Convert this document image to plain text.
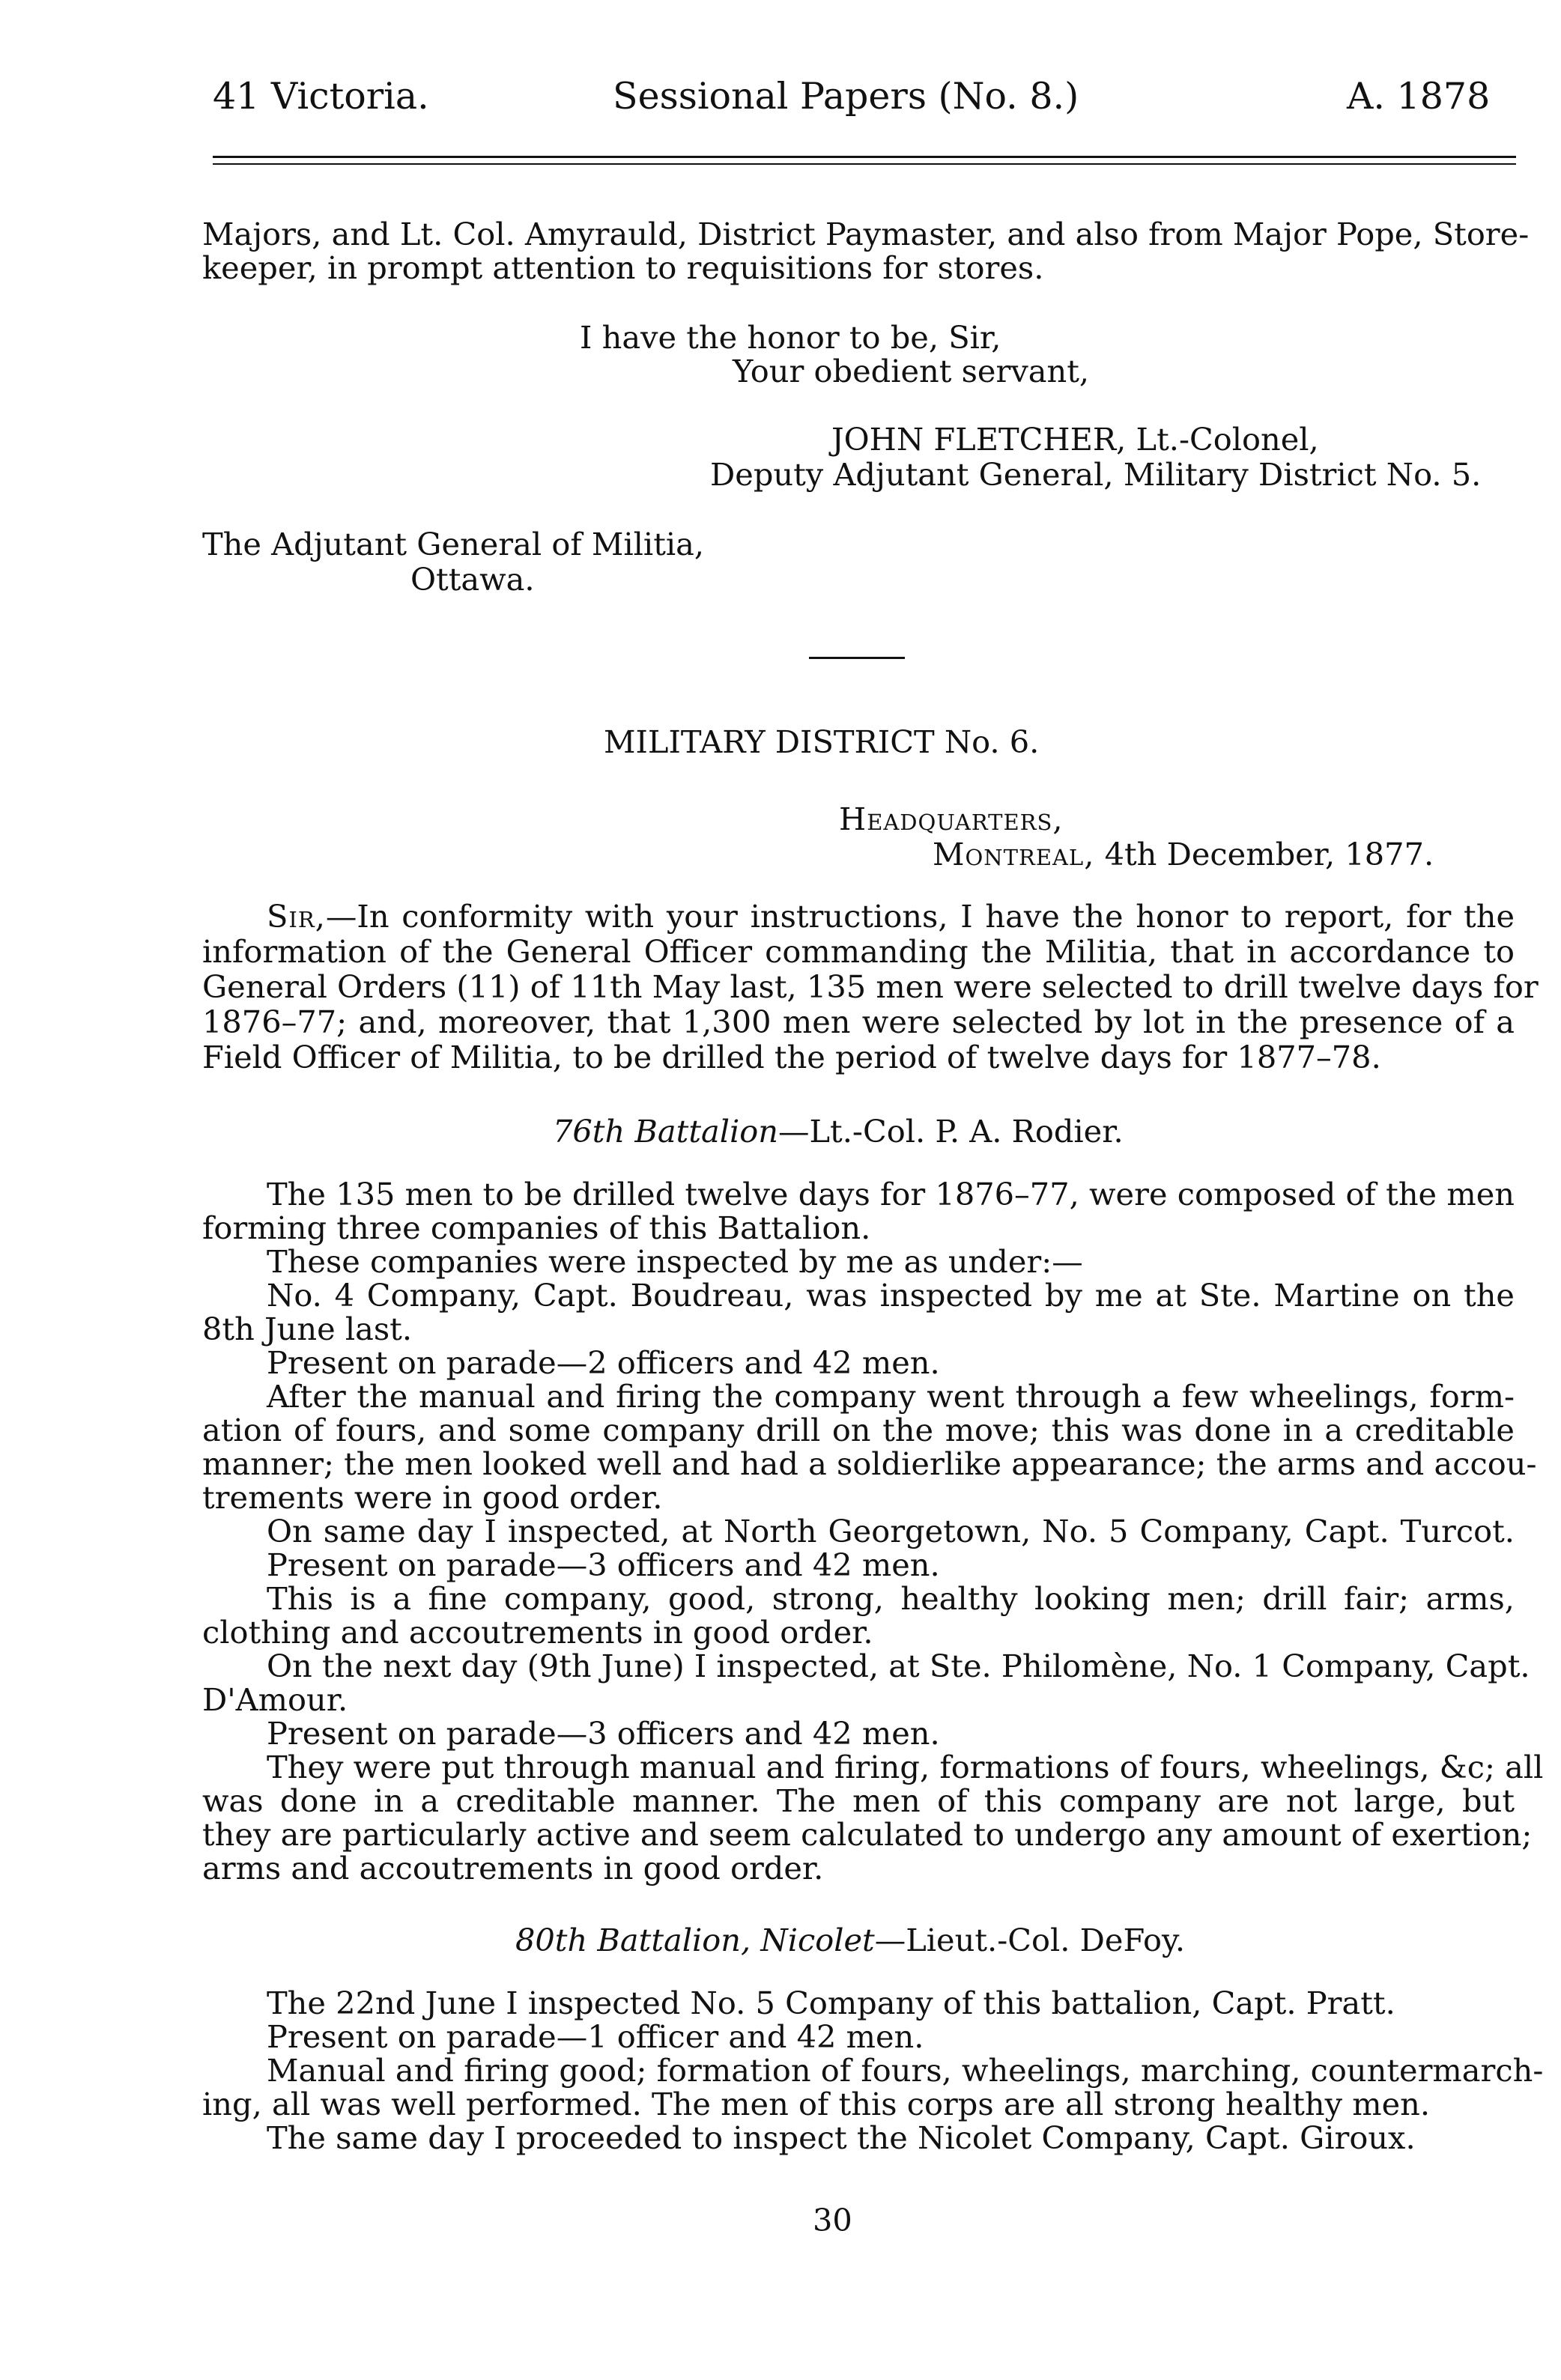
41 Victoria.	Sessional Papers (No. 8.)	A. 1878
Majors, and Lt. Col. Amyrauld, District Paymaster, and also from Major Pope, Store-
keeper, in prompt attention to requisitions for stores.
I have the honor to be, Sir,
Your obedient servant,
JOHN FLETCHER, Lt.-Colonel,
Deputy Adjutant General, Military District No. 5.
The Adjutant General of Militia,
Ottawa.
MILITARY DISTRICT No. 6.
Headquarters,
Montreal, 4th December, 1877.
Sir,—In conformity with your instructions, I have the honor to report, for the
information of the General Officer commanding the Militia, that in accordance to
General Orders (11) of 11th May last, 135 men were selected to drill twelve days for
1876–77; and, moreover, that 1,300 men were selected by lot in the presence of a
Field Officer of Militia, to be drilled the period of twelve days for 1877–78.
76th Battalion—Lt.-Col. P. A. Rodier.
The 135 men to be drilled twelve days for 1876–77, were composed of the men
forming three companies of this Battalion.
These companies were inspected by me as under:—
No. 4 Company, Capt. Boudreau, was inspected by me at Ste. Martine on the
8th June last.
Present on parade—2 officers and 42 men.
After the manual and firing the company went through a few wheelings, form-
ation of fours, and some company drill on the move; this was done in a creditable
manner; the men looked well and had a soldierlike appearance; the arms and accou-
trements were in good order.
On same day I inspected, at North Georgetown, No. 5 Company, Capt. Turcot.
Present on parade—3 officers and 42 men.
This is a fine company, good, strong, healthy looking men; drill fair; arms,
clothing and accoutrements in good order.
On the next day (9th June) I inspected, at Ste. Philomène, No. 1 Company, Capt.
D'Amour.
Present on parade—3 officers and 42 men.
They were put through manual and firing, formations of fours, wheelings, &c; all
was done in a creditable manner. The men of this company are not large, but
they are particularly active and seem calculated to undergo any amount of exertion;
arms and accoutrements in good order.
80th Battalion, Nicolet—Lieut.-Col. DeFoy.
The 22nd June I inspected No. 5 Company of this battalion, Capt. Pratt.
Present on parade—1 officer and 42 men.
Manual and firing good; formation of fours, wheelings, marching, countermarch-
ing, all was well performed. The men of this corps are all strong healthy men.
The same day I proceeded to inspect the Nicolet Company, Capt. Giroux.
30
